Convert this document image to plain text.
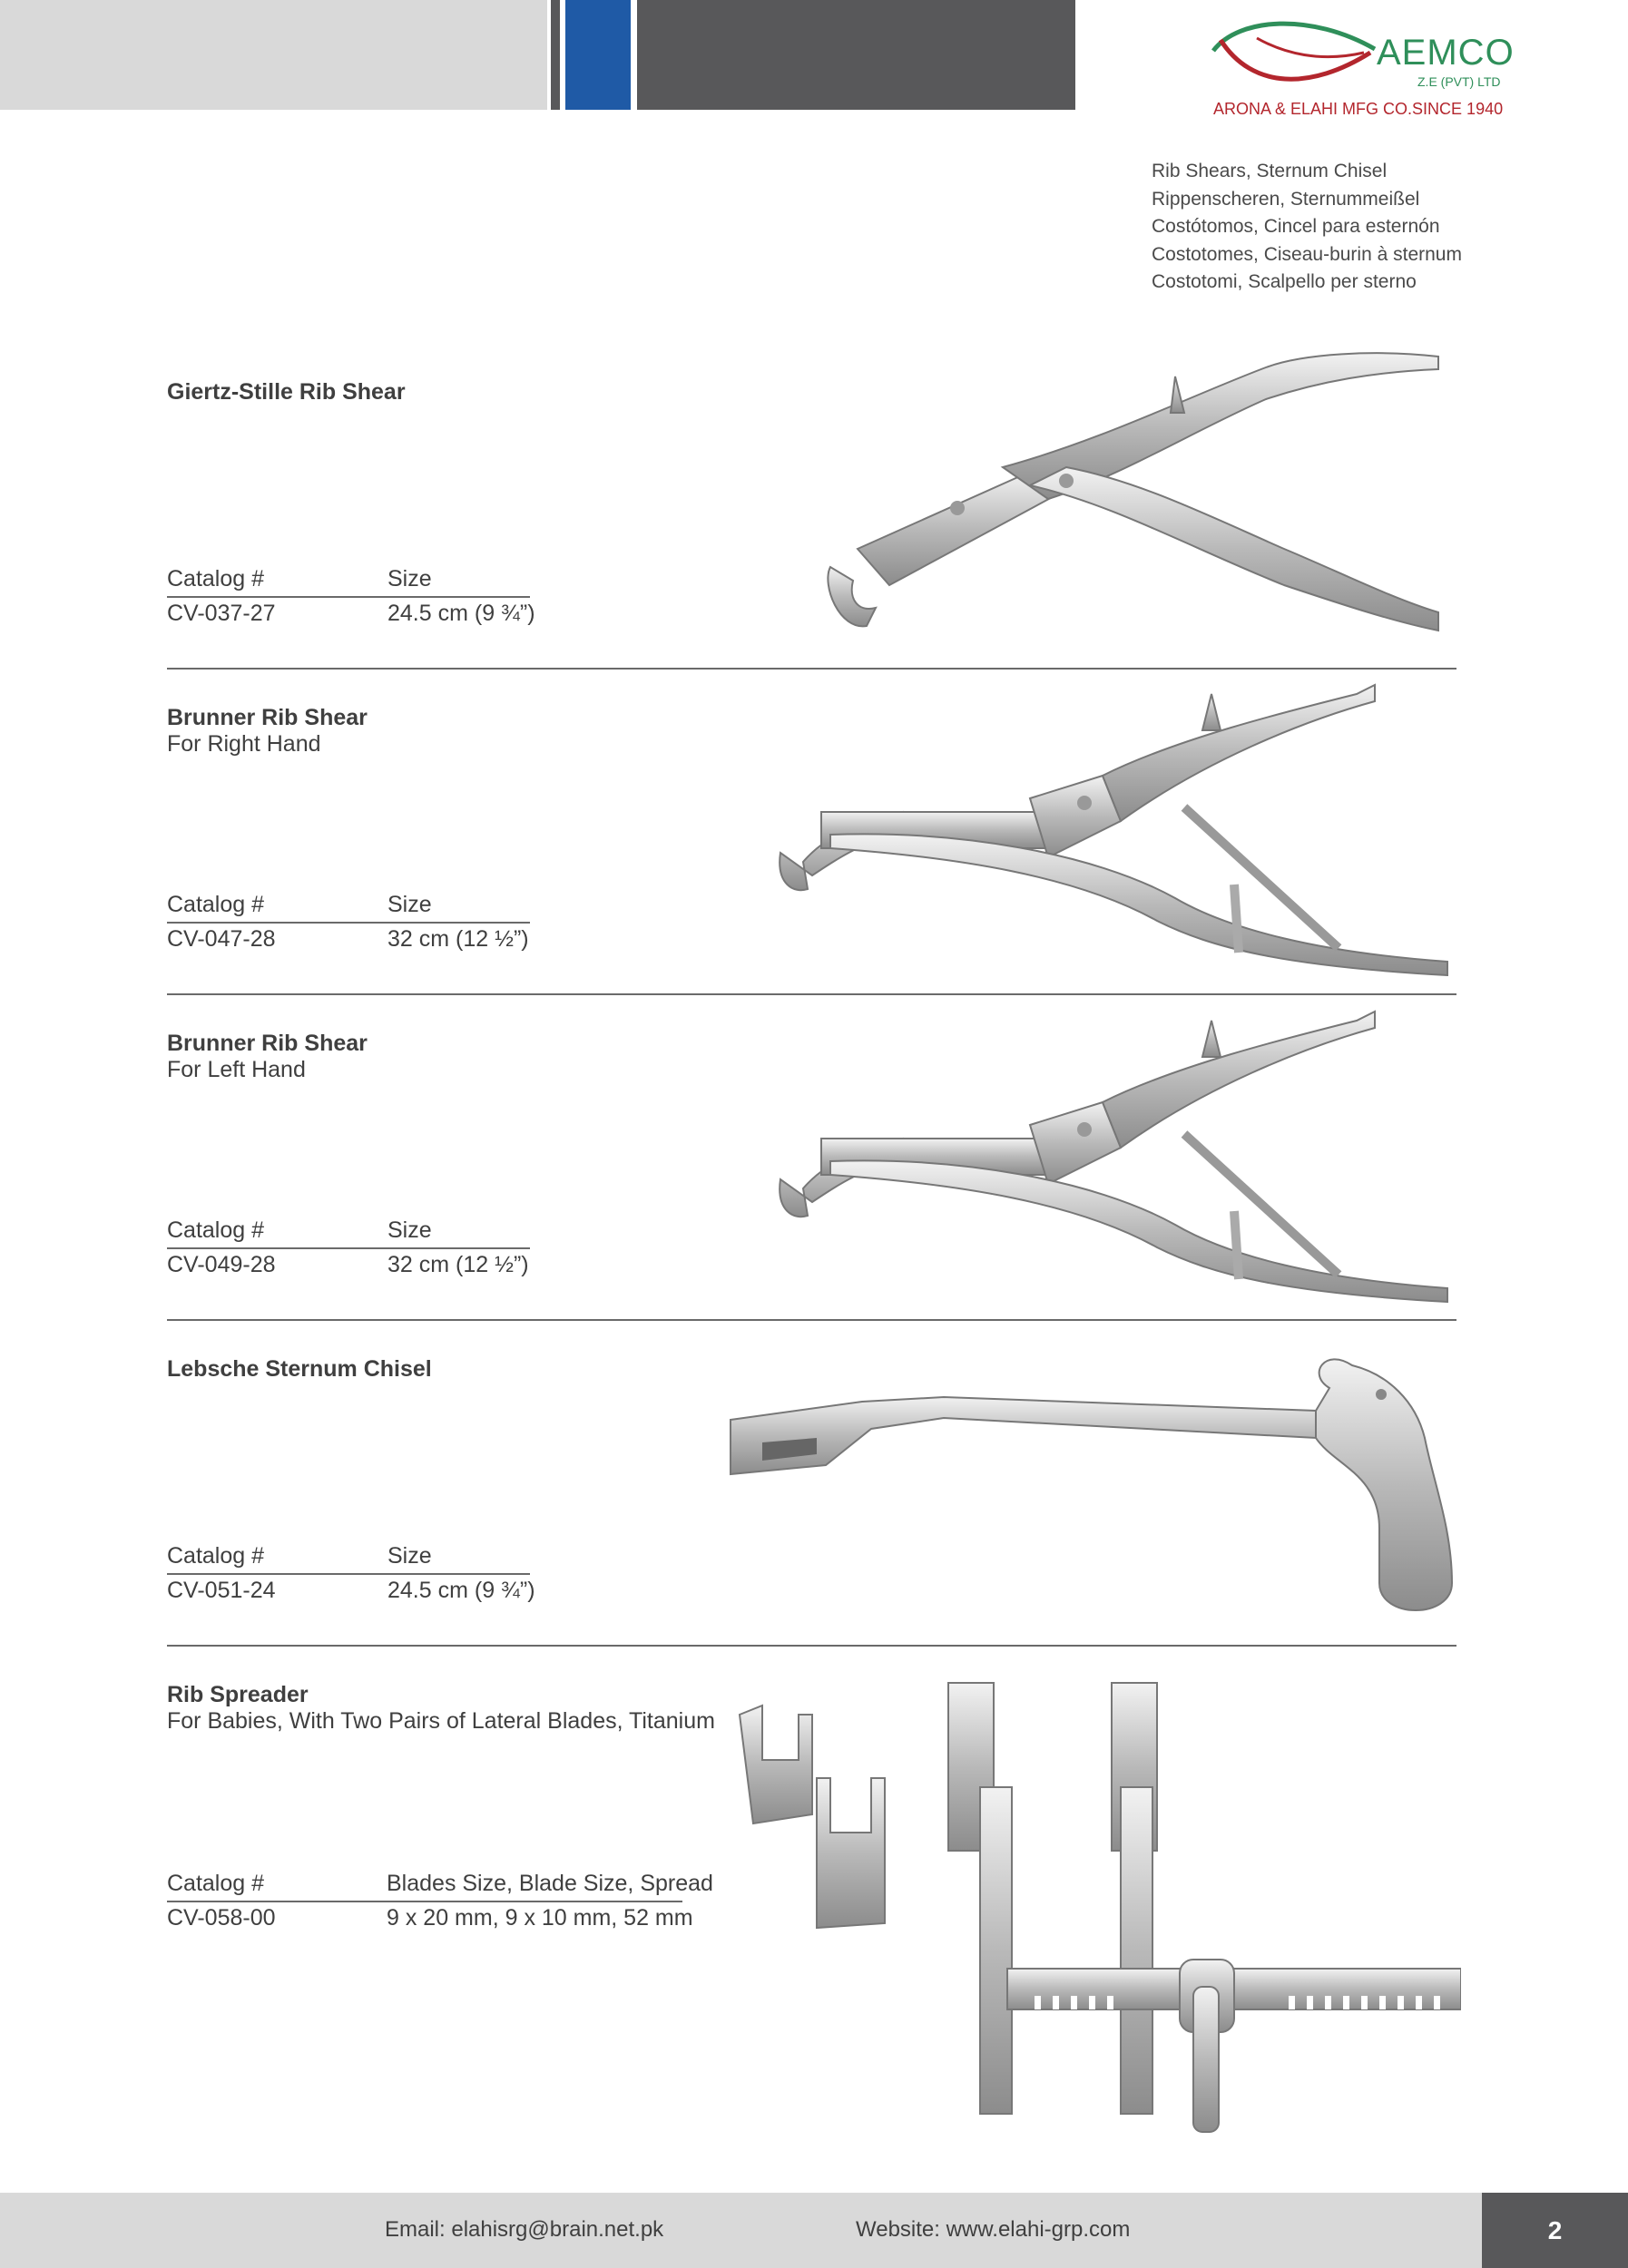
AEMCO
Z.E (PVT) LTD
ARONA & ELAHI MFG CO.SINCE 1940
Rib Shears, Sternum Chisel
Rippenscheren, Sternummeißel
Costótomos, Cincel para esternón
Costotomes, Ciseau-burin à sternum
Costotomi, Scalpello per sterno
Giertz-Stille Rib Shear
Catalog #	Size
CV-037-27	24.5 cm (9 ¾”)
Brunner Rib Shear
For Right Hand
Catalog #	Size
CV-047-28	32 cm (12 ½”)
Brunner Rib Shear
For Left Hand
Catalog #	Size
CV-049-28	32 cm (12 ½”)
Lebsche Sternum Chisel
Catalog #	Size
CV-051-24	24.5 cm (9 ¾”)
Rib Spreader
For Babies, With Two Pairs of Lateral Blades, Titanium
Catalog #	Blades Size, Blade Size, Spread
CV-058-00	9 x 20 mm, 9 x 10 mm, 52 mm
Email: elahisrg@brain.net.pk	Website: www.elahi-grp.com	2
